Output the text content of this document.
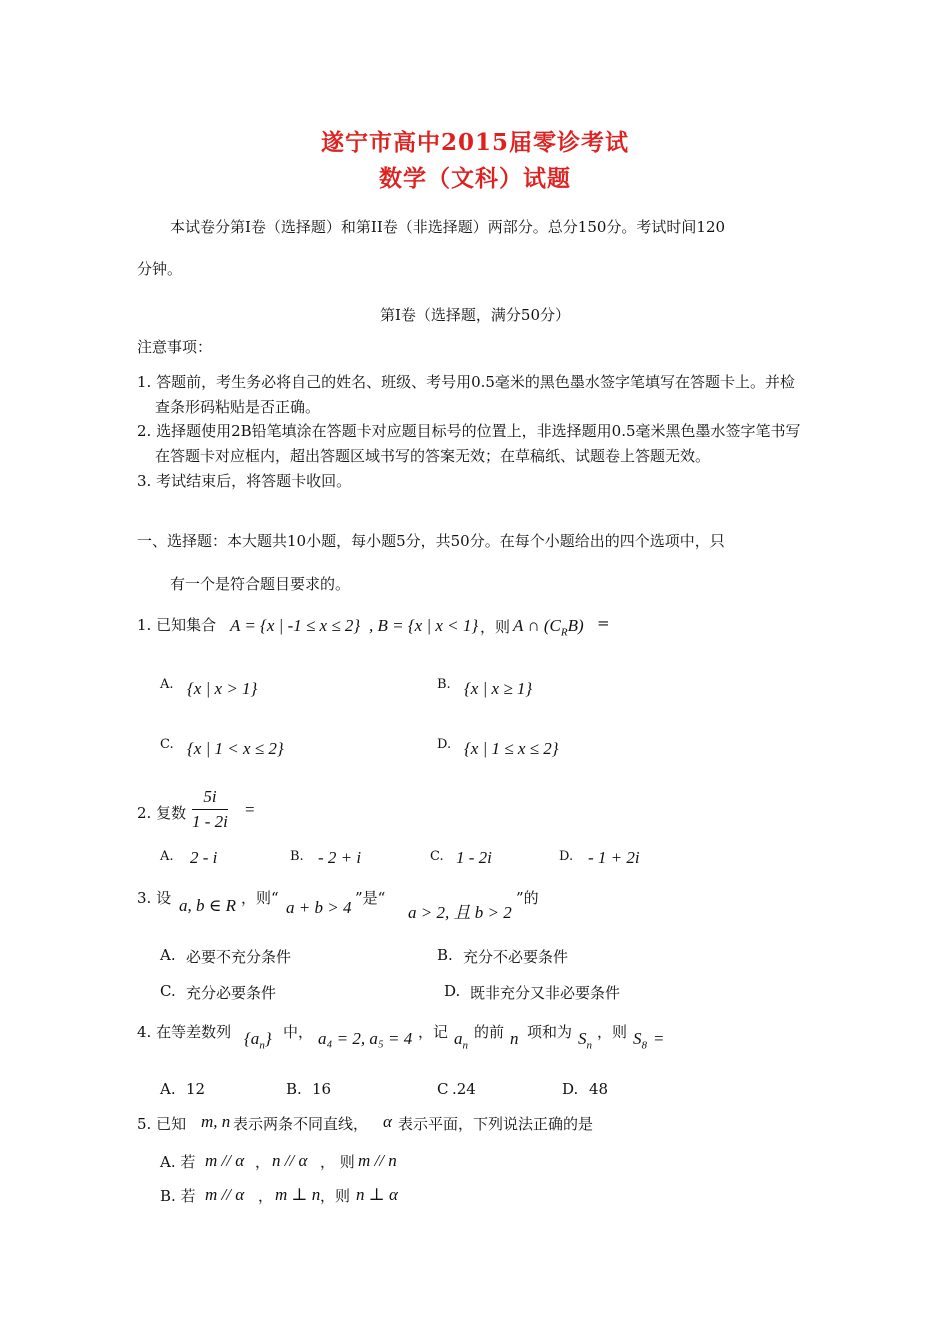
遂宁市高中2015届零诊考试
数学（文科）试题
本试卷分第Ⅰ卷（选择题）和第II卷（非选择题）两部分。总分150分。考试时间120
分钟。
第Ⅰ卷（选择题，满分50分）
注意事项：
1. 答题前，考生务必将自己的姓名、班级、考号用0.5毫米的黑色墨水签字笔填写在答题卡上。并检
查条形码粘贴是否正确。
2. 选择题使用2B铅笔填涂在答题卡对应题目标号的位置上，非选择题用0.5毫米黑色墨水签字笔书写
在答题卡对应框内，超出答题区域书写的答案无效；在草稿纸、试题卷上答题无效。
3. 考试结束后，将答题卡收回。
一、选择题：本大题共10小题，每小题5分，共50分。在每个小题给出的四个选项中，只
有一个是符合题目要求的。
1. 已知集合 A = {x | -1 ≤ x ≤ 2} , B = {x | x < 1} ，则 A ∩ $(C_RB)$ =
A. {x | x > 1}	B. {x | x ≥ 1}
C. {x | 1 < x ≤ 2}	D. {x | 1 ≤ x ≤ 2}
2. 复数
5i
1 - 2i
=
A. 2 - i	B. - 2 + i	C. 1 - 2i	D. - 1 + 2i
3. 设 a, b ∈ R ，则“ a + b > 4 ”是“
a > 2, 且 b > 2
”的
A. 必要不充分条件	B. 充分不必要条件
C. 充分必要条件	D. 既非充分又非必要条件
4. 在等差数列 $\{a_n\}$ 中， a₄ = 2, a₅ = 4 ，记 $a_n$
的前 n 项和为 $S_n$
，则 $S_8$ =
A. 12	B. 16	C .24	D. 48
5. 已知 m, n 表示两条不同直线， α 表示平面，下列说法正确的是
A. 若 m // α ， n // α ， 则 m // n
B. 若 m // α ， m ⊥ n ，则 n ⊥ α
